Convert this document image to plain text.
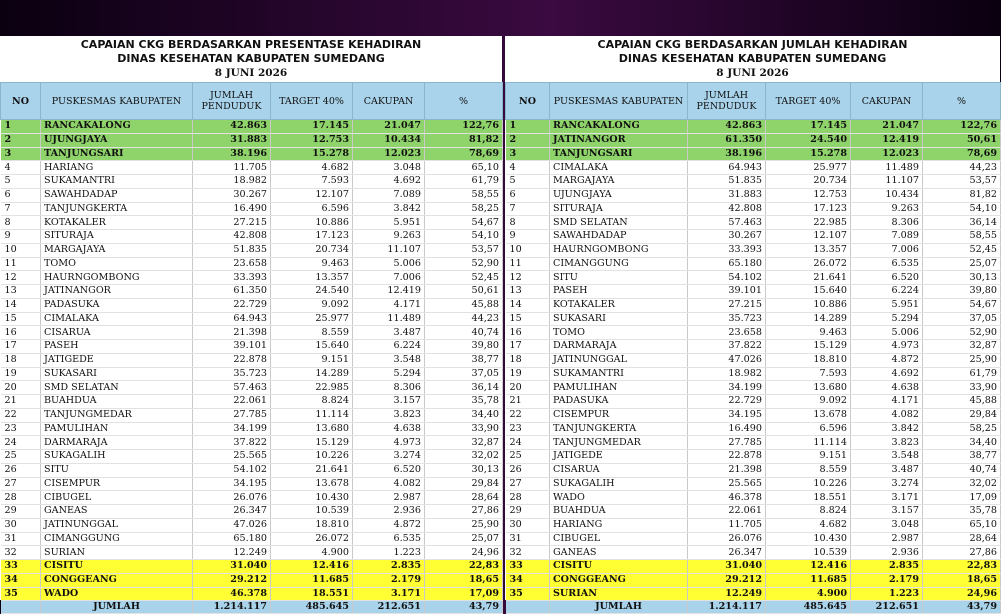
CAPAIAN CKG BERDASARKAN PRESENTASE KEHADIRAN
DINAS KESEHATAN KABUPATEN SUMEDANG
8 JUNI 2026
NO	PUSKESMAS KABUPATEN	JUMLAH PENDUDUK	TARGET 40%	CAKUPAN	%
1	RANCAKALONG	42.863	17.145	21.047	122,76
2	UJUNGJAYA	31.883	12.753	10.434	81,82
3	TANJUNGSARI	38.196	15.278	12.023	78,69
4	HARIANG	11.705	4.682	3.048	65,10
5	SUKAMANTRI	18.982	7.593	4.692	61,79
6	SAWAHDADAP	30.267	12.107	7.089	58,55
7	TANJUNGKERTA	16.490	6.596	3.842	58,25
8	KOTAKALER	27.215	10.886	5.951	54,67
9	SITURAJA	42.808	17.123	9.263	54,10
10	MARGAJAYA	51.835	20.734	11.107	53,57
11	TOMO	23.658	9.463	5.006	52,90
12	HAURNGOMBONG	33.393	13.357	7.006	52,45
13	JATINANGOR	61.350	24.540	12.419	50,61
14	PADASUKA	22.729	9.092	4.171	45,88
15	CIMALAKA	64.943	25.977	11.489	44,23
16	CISARUA	21.398	8.559	3.487	40,74
17	PASEH	39.101	15.640	6.224	39,80
18	JATIGEDE	22.878	9.151	3.548	38,77
19	SUKASARI	35.723	14.289	5.294	37,05
20	SMD SELATAN	57.463	22.985	8.306	36,14
21	BUAHDUA	22.061	8.824	3.157	35,78
22	TANJUNGMEDAR	27.785	11.114	3.823	34,40
23	PAMULIHAN	34.199	13.680	4.638	33,90
24	DARMARAJA	37.822	15.129	4.973	32,87
25	SUKAGALIH	25.565	10.226	3.274	32,02
26	SITU	54.102	21.641	6.520	30,13
27	CISEMPUR	34.195	13.678	4.082	29,84
28	CIBUGEL	26.076	10.430	2.987	28,64
29	GANEAS	26.347	10.539	2.936	27,86
30	JATINUNGGAL	47.026	18.810	4.872	25,90
31	CIMANGGUNG	65.180	26.072	6.535	25,07
32	SURIAN	12.249	4.900	1.223	24,96
33	CISITU	31.040	12.416	2.835	22,83
34	CONGGEANG	29.212	11.685	2.179	18,65
35	WADO	46.378	18.551	3.171	17,09
	JUMLAH	1.214.117	485.645	212.651	43,79
CAPAIAN CKG BERDASARKAN JUMLAH KEHADIRAN
DINAS KESEHATAN KABUPATEN SUMEDANG
8 JUNI 2026
NO	PUSKESMAS KABUPATEN	JUMLAH PENDUDUK	TARGET 40%	CAKUPAN	%
1	RANCAKALONG	42.863	17.145	21.047	122,76
2	JATINANGOR	61.350	24.540	12.419	50,61
3	TANJUNGSARI	38.196	15.278	12.023	78,69
4	CIMALAKA	64.943	25.977	11.489	44,23
5	MARGAJAYA	51.835	20.734	11.107	53,57
6	UJUNGJAYA	31.883	12.753	10.434	81,82
7	SITURAJA	42.808	17.123	9.263	54,10
8	SMD SELATAN	57.463	22.985	8.306	36,14
9	SAWAHDADAP	30.267	12.107	7.089	58,55
10	HAURNGOMBONG	33.393	13.357	7.006	52,45
11	CIMANGGUNG	65.180	26.072	6.535	25,07
12	SITU	54.102	21.641	6.520	30,13
13	PASEH	39.101	15.640	6.224	39,80
14	KOTAKALER	27.215	10.886	5.951	54,67
15	SUKASARI	35.723	14.289	5.294	37,05
16	TOMO	23.658	9.463	5.006	52,90
17	DARMARAJA	37.822	15.129	4.973	32,87
18	JATINUNGGAL	47.026	18.810	4.872	25,90
19	SUKAMANTRI	18.982	7.593	4.692	61,79
20	PAMULIHAN	34.199	13.680	4.638	33,90
21	PADASUKA	22.729	9.092	4.171	45,88
22	CISEMPUR	34.195	13.678	4.082	29,84
23	TANJUNGKERTA	16.490	6.596	3.842	58,25
24	TANJUNGMEDAR	27.785	11.114	3.823	34,40
25	JATIGEDE	22.878	9.151	3.548	38,77
26	CISARUA	21.398	8.559	3.487	40,74
27	SUKAGALIH	25.565	10.226	3.274	32,02
28	WADO	46.378	18.551	3.171	17,09
29	BUAHDUA	22.061	8.824	3.157	35,78
30	HARIANG	11.705	4.682	3.048	65,10
31	CIBUGEL	26.076	10.430	2.987	28,64
32	GANEAS	26.347	10.539	2.936	27,86
33	CISITU	31.040	12.416	2.835	22,83
34	CONGGEANG	29.212	11.685	2.179	18,65
35	SURIAN	12.249	4.900	1.223	24,96
	JUMLAH	1.214.117	485.645	212.651	43,79
